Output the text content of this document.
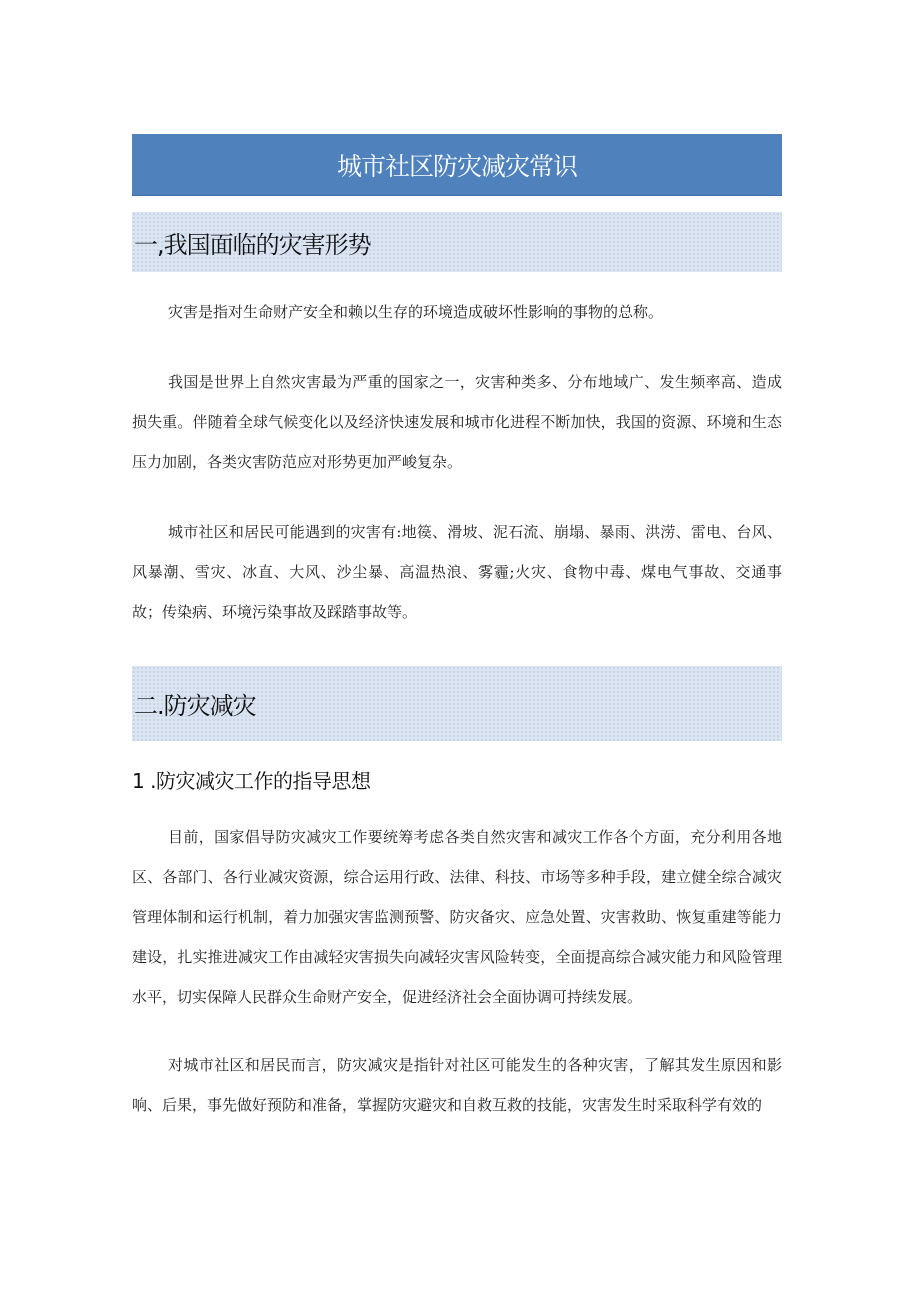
城市社区防灾减灾常识
一,我国面临的灾害形势

灾害是指对生命财产安全和赖以生存的环境造成破坏性影响的事物的总称。

我国是世界上自然灾害最为严重的国家之一，灾害种类多、分布地域广、发生频率高、造成损失重。伴随着全球气候变化以及经济快速发展和城市化进程不断加快，我国的资源、环境和生态压力加剧，各类灾害防范应对形势更加严峻复杂。

城市社区和居民可能遇到的灾害有:地篌、滑坡、泥石流、崩塌、暴雨、洪涝、雷电、台风、风暴潮、雪灾、冰直、大风、沙尘暴、高温热浪、雾霾;火灾、食物中毒、煤电气事故、交通事故；传染病、环境污染事故及踩踏事故等。

二.防灾减灾
1 .防灾减灾工作的指导思想

目前，国家倡导防灾减灾工作要统筹考虑各类自然灾害和减灾工作各个方面，充分利用各地区、各部门、各行业减灾资源，综合运用行政、法律、科技、市场等多种手段，建立健全综合减灾管理体制和运行机制，着力加强灾害监测预警、防灾备灾、应急处置、灾害救助、恢复重建等能力建设，扎实推进减灾工作由减轻灾害损失向减轻灾害风险转变，全面提高综合减灾能力和风险管理水平，切实保障人民群众生命财产安全，促进经济社会全面协调可持续发展。

对城市社区和居民而言，防灾减灾是指针对社区可能发生的各种灾害，了解其发生原因和影响、后果，事先做好预防和准备，掌握防灾避灾和自救互救的技能，灾害发生时采取科学有效的
